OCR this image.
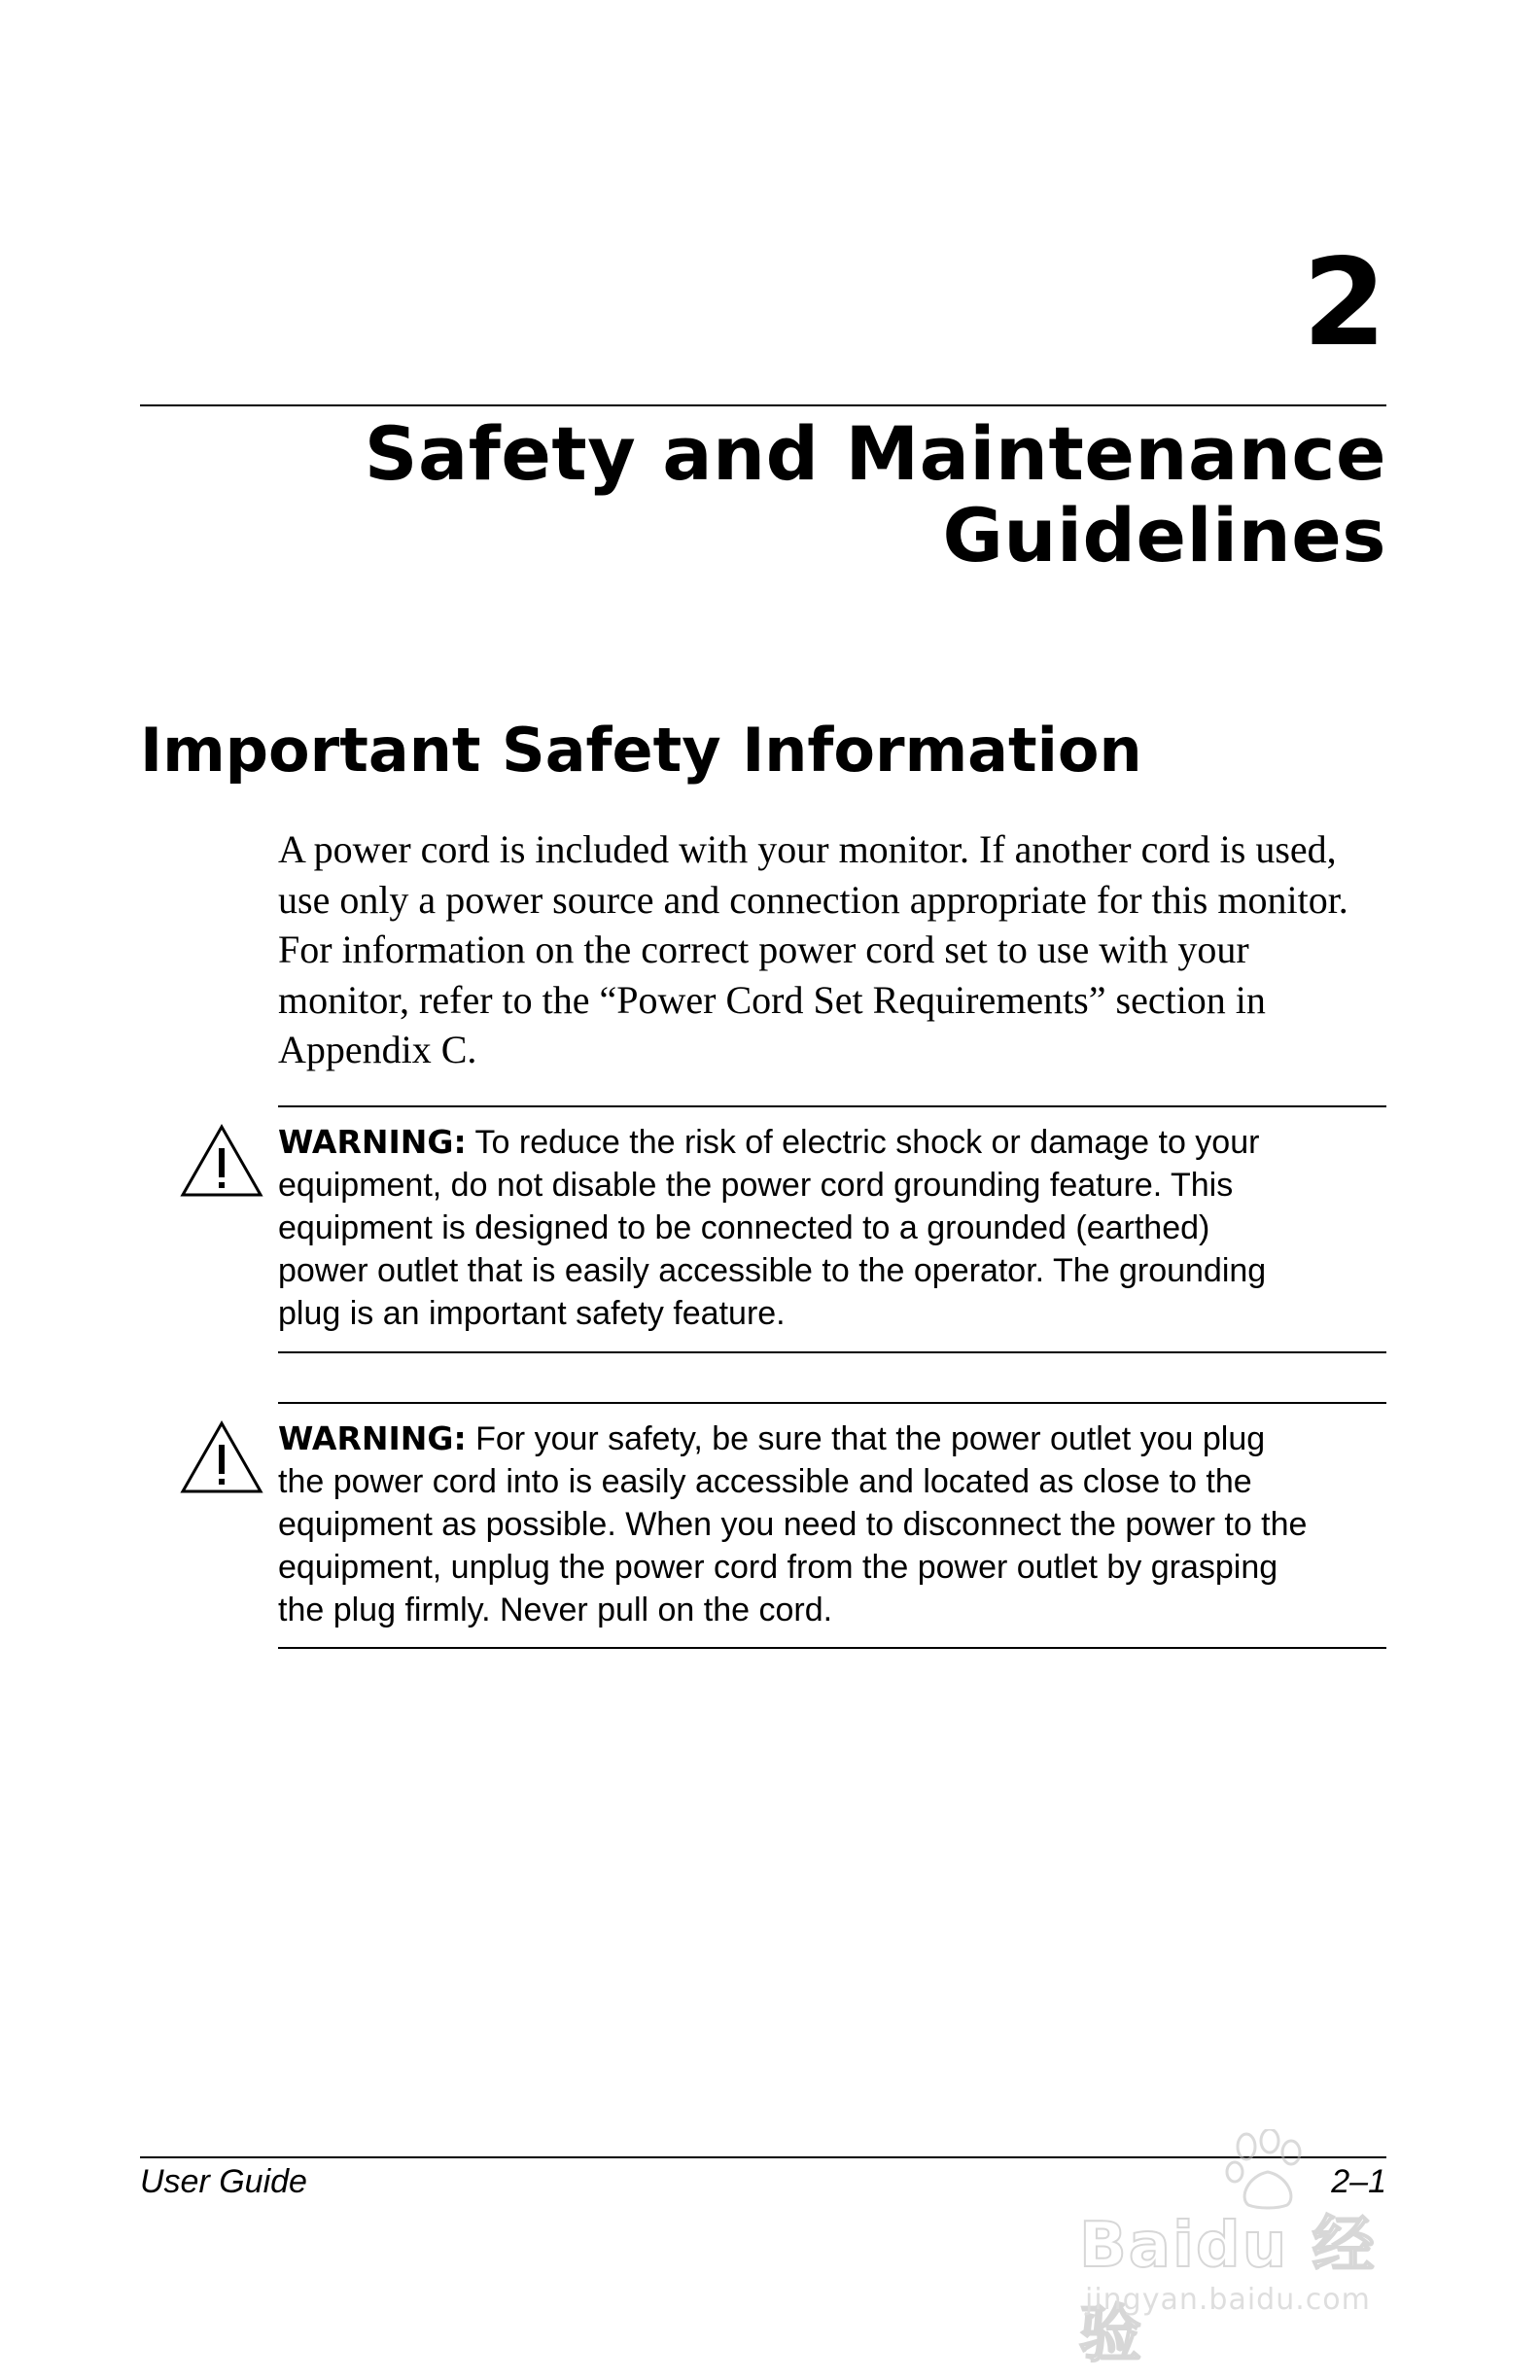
2
Safety and Maintenance
Guidelines
Important Safety Information
A power cord is included with your monitor. If another cord is used, use only a power source and connection appropriate for this monitor. For information on the correct power cord set to use with your monitor, refer to the “Power Cord Set Requirements” section in Appendix C.
WARNING: To reduce the risk of electric shock or damage to your equipment, do not disable the power cord grounding feature. This equipment is designed to be connected to a grounded (earthed) power outlet that is easily accessible to the operator. The grounding plug is an important safety feature.
WARNING: For your safety, be sure that the power outlet you plug the power cord into is easily accessible and located as close to the equipment as possible. When you need to disconnect the power to the equipment, unplug the power cord from the power outlet by grasping the plug firmly. Never pull on the cord.
User Guide	2–1
Baidu 经验
jingyan.baidu.com
